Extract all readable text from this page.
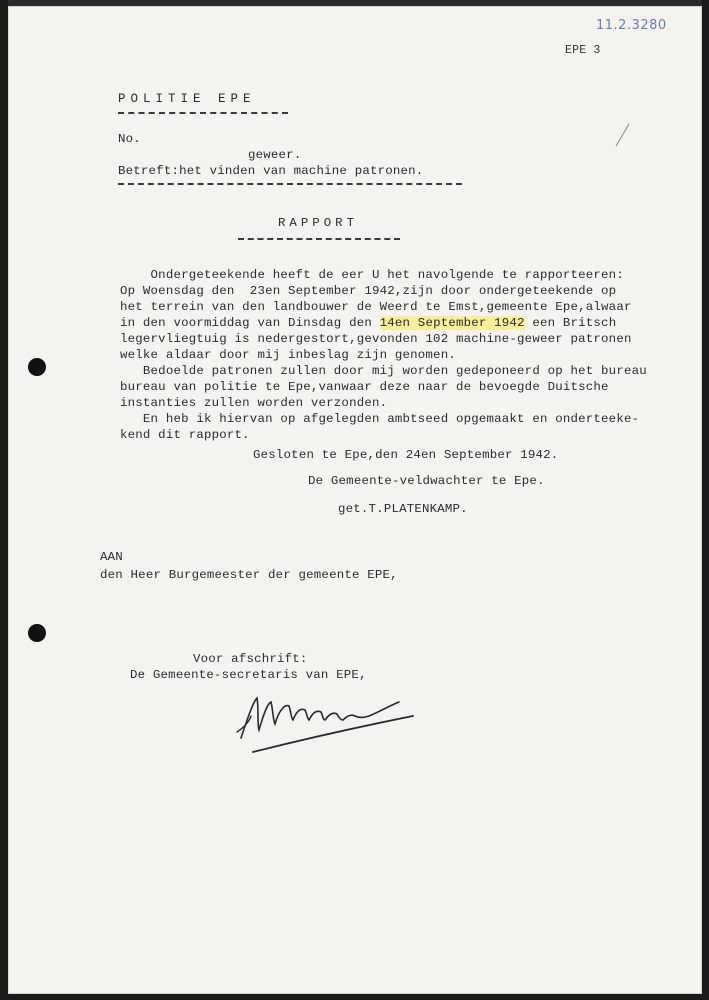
11.2.3280
EPE 3
POLITIE EPE
No.
geweer.
Betreft:het vinden van machine patronen.
RAPPORT
Ondergeteekende heeft de eer U het navolgende te rapporteeren:
Op Woensdag den  23en September 1942,zijn door ondergeteekende op
het terrein van den landbouwer de Weerd te Emst,gemeente Epe,alwaar
in den voormiddag van Dinsdag den 14en September 1942 een Britsch
legervliegtuig is nedergestort,gevonden 102 machine-geweer patronen
welke aldaar door mij inbeslag zijn genomen.
Bedoelde patronen zullen door mij worden gedeponeerd op het bureau
bureau van politie te Epe,vanwaar deze naar de bevoegde Duitsche
instanties zullen worden verzonden.
En heb ik hiervan op afgelegden ambtseed opgemaakt en onderteeke-
kend dit rapport.
Gesloten te Epe,den 24en September 1942.
De Gemeente-veldwachter te Epe.
get.T.PLATENKAMP.
AAN
den Heer Burgemeester der gemeente EPE,
Voor afschrift:
De Gemeente-secretaris van EPE,
